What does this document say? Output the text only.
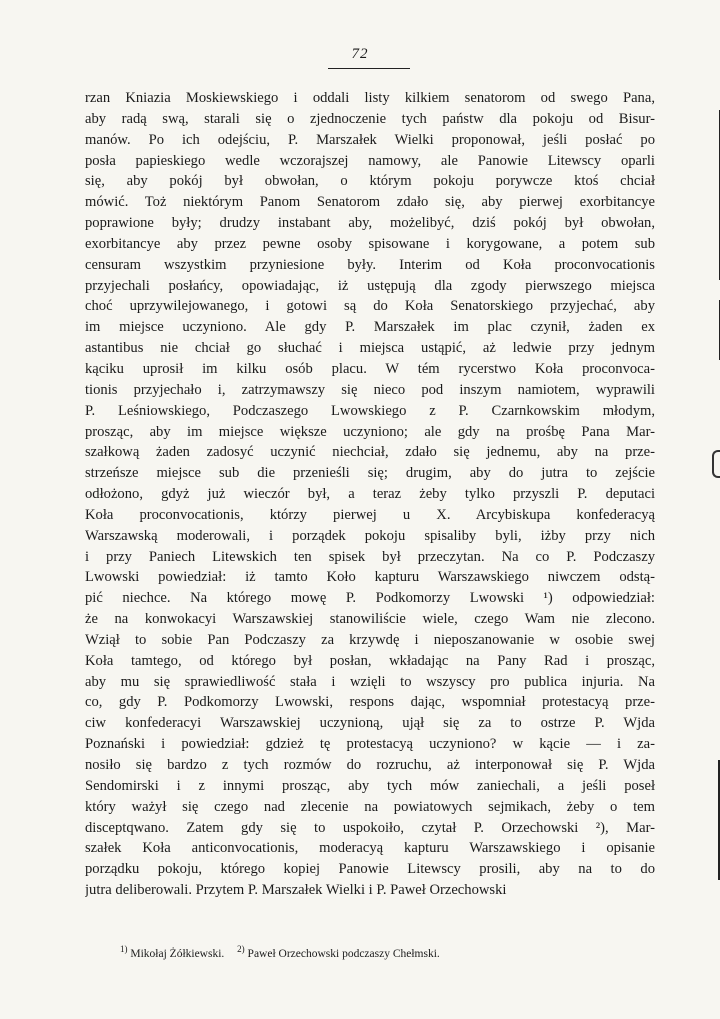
72
rzan Kniazia Moskiewskiego i oddali listy kilkiem senatorom od swego Pana,
aby radą swą, starali się o zjednoczenie tych państw dla pokoju od Bisur-
manów. Po ich odejściu, P. Marszałek Wielki proponował, jeśli posłać po
posła papieskiego wedle wczorajszej namowy, ale Panowie Litewscy oparli
się, aby pokój był obwołan, o którym pokoju porywcze ktoś chciał
mówić. Toż niektórym Panom Senatorom zdało się, aby pierwej exorbitancye
poprawione były; drudzy instabant aby, możelibyć, dziś pokój był obwołan,
exorbitancye aby przez pewne osoby spisowane i korygowane, a potem sub
censuram wszystkim przyniesione były. Interim od Koła proconvocationis
przyjechali posłańcy, opowiadając, iż ustępują dla zgody pierwszego miejsca
choć uprzywilejowanego, i gotowi są do Koła Senatorskiego przyjechać, aby
im miejsce uczyniono. Ale gdy P. Marszałek im plac czynił, żaden ex
astantibus nie chciał go słuchać i miejsca ustąpić, aż ledwie przy jednym
kąciku uprosił im kilku osób placu. W tém rycerstwo Koła proconvoca-
tionis przyjechało i, zatrzymawszy się nieco pod inszym namiotem, wyprawili
P. Leśniowskiego, Podczaszego Lwowskiego z P. Czarnkowskim młodym,
prosząc, aby im miejsce większe uczyniono; ale gdy na prośbę Pana Mar-
szałkową żaden zadosyć uczynić niechciał, zdało się jednemu, aby na prze-
strzeńsze miejsce sub die przenieśli się; drugim, aby do jutra to zejście
odłożono, gdyż już wieczór był, a teraz żeby tylko przyszli P. deputaci
Koła proconvocationis, którzy pierwej u X. Arcybiskupa konfederacyą
Warszawską moderowali, i porządek pokoju spisaliby byli, iżby przy nich
i przy Paniech Litewskich ten spisek był przeczytan. Na co P. Podczaszy
Lwowski powiedział: iż tamto Koło kapturu Warszawskiego niwczem odstą-
pić niechce. Na którego mowę P. Podkomorzy Lwowski ¹) odpowiedział:
że na konwokacyi Warszawskiej stanowiliście wiele, czego Wam nie zlecono.
Wziął to sobie Pan Podczaszy za krzywdę i nieposzanowanie w osobie swej
Koła tamtego, od którego był posłan, wkładając na Pany Rad i prosząc,
aby mu się sprawiedliwość stała i wzięli to wszyscy pro publica injuria. Na
co, gdy P. Podkomorzy Lwowski, respons dając, wspomniał protestacyą prze-
ciw konfederacyi Warszawskiej uczynioną, ujął się za to ostrze P. Wjda
Poznański i powiedział: gdzież tę protestacyą uczyniono? w kącie — i za-
nosiło się bardzo z tych rozmów do rozruchu, aż interponował się P. Wjda
Sendomirski i z innymi prosząc, aby tych mów zaniechali, a jeśli poseł
który ważył się czego nad zlecenie na powiatowych sejmikach, żeby o tem
disceptqwano. Zatem gdy się to uspokoiło, czytał P. Orzechowski ²), Mar-
szałek Koła anticonvocationis, moderacyą kapturu Warszawskiego i opisanie
porządku pokoju, którego kopiej Panowie Litewscy prosili, aby na to do
jutra deliberowali. Przytem P. Marszałek Wielki i P. Paweł Orzechowski
$^{1)}$ Mikołaj Żółkiewski. $^{2)}$ Paweł Orzechowski podczaszy Chełmski.
